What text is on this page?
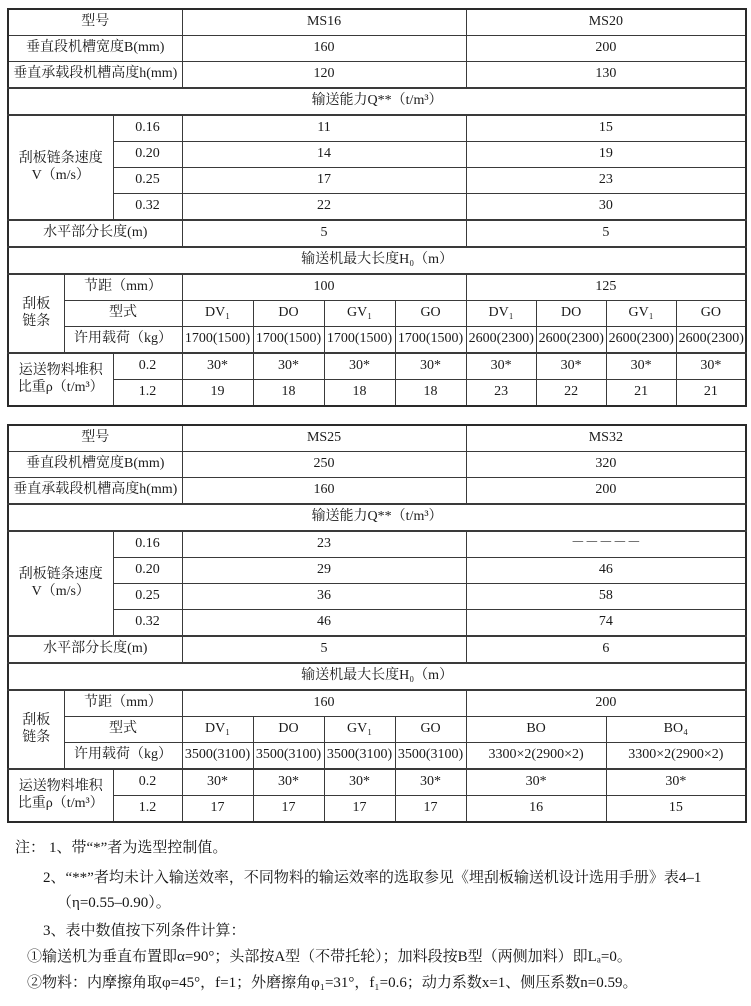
型号			MS16				MS20			
垂直段机槽宽度B(mm)			160				200			
垂直承载段机槽高度h(mm)			120				130			
输送能力Q**（t/m³）										

刮板链条速度
V（m/s）		0.16	11				15			
		0.20	14				19			
		0.25	17				23			
		0.32	22				30			
水平部分长度(m)			5				5			
输送机最大长度H₀（m）										

刮板
链条	节距（mm）		100				125			
	型式		DV₁	DO	GV₁	GO	DV₁	DO	GV₁	GO
	许用载荷（kg）		1700(1500)	1700(1500)	1700(1500)	1700(1500)	2600(2300)	2600(2300)	2600(2300)	2600(2300)

运送物料堆积
比重ρ（t/m³）		0.2	30*	30*	30*	30*	30*	30*	30*	30*
		1.2	19	18	18	18	23	22	21	21
型号			MS25				MS32	
垂直段机槽宽度B(mm)			250				320	
垂直承载段机槽高度h(mm)			160				200	
输送能力Q**（t/m³）								

刮板链条速度
V（m/s）		0.16	23				－－－－－	
		0.20	29				46	
		0.25	36				58	
		0.32	46				74	
水平部分长度(m)			5				6	
输送机最大长度H₀（m）								

刮板
链条	节距（mm）		160				200	
	型式		DV₁	DO	GV₁	GO	BO	BO₄
	许用载荷（kg）		3500(3100)	3500(3100)	3500(3100)	3500(3100)	3300×2(2900×2)	3300×2(2900×2)

运送物料堆积
比重ρ（t/m³）		0.2	30*	30*	30*	30*	30*	30*
		1.2	17	17	17	17	16	15
注： 1、带“*”者为选型控制值。
2、“**”者均未计入输送效率，不同物料的输运效率的选取参见《埋刮板输送机设计选用手册》表4–1
（η=0.55–0.90）。
3、表中数值按下列条件计算：
①输送机为垂直布置即α=90°；头部按A型（不带托轮）；加料段按B型（两侧加料）即Lₐ=0。
②物料：内摩擦角取φ=45°，f=1；外磨擦角φ₁=31°，f₁=0.6；动力系数x=1、侧压系数n=0.59。
